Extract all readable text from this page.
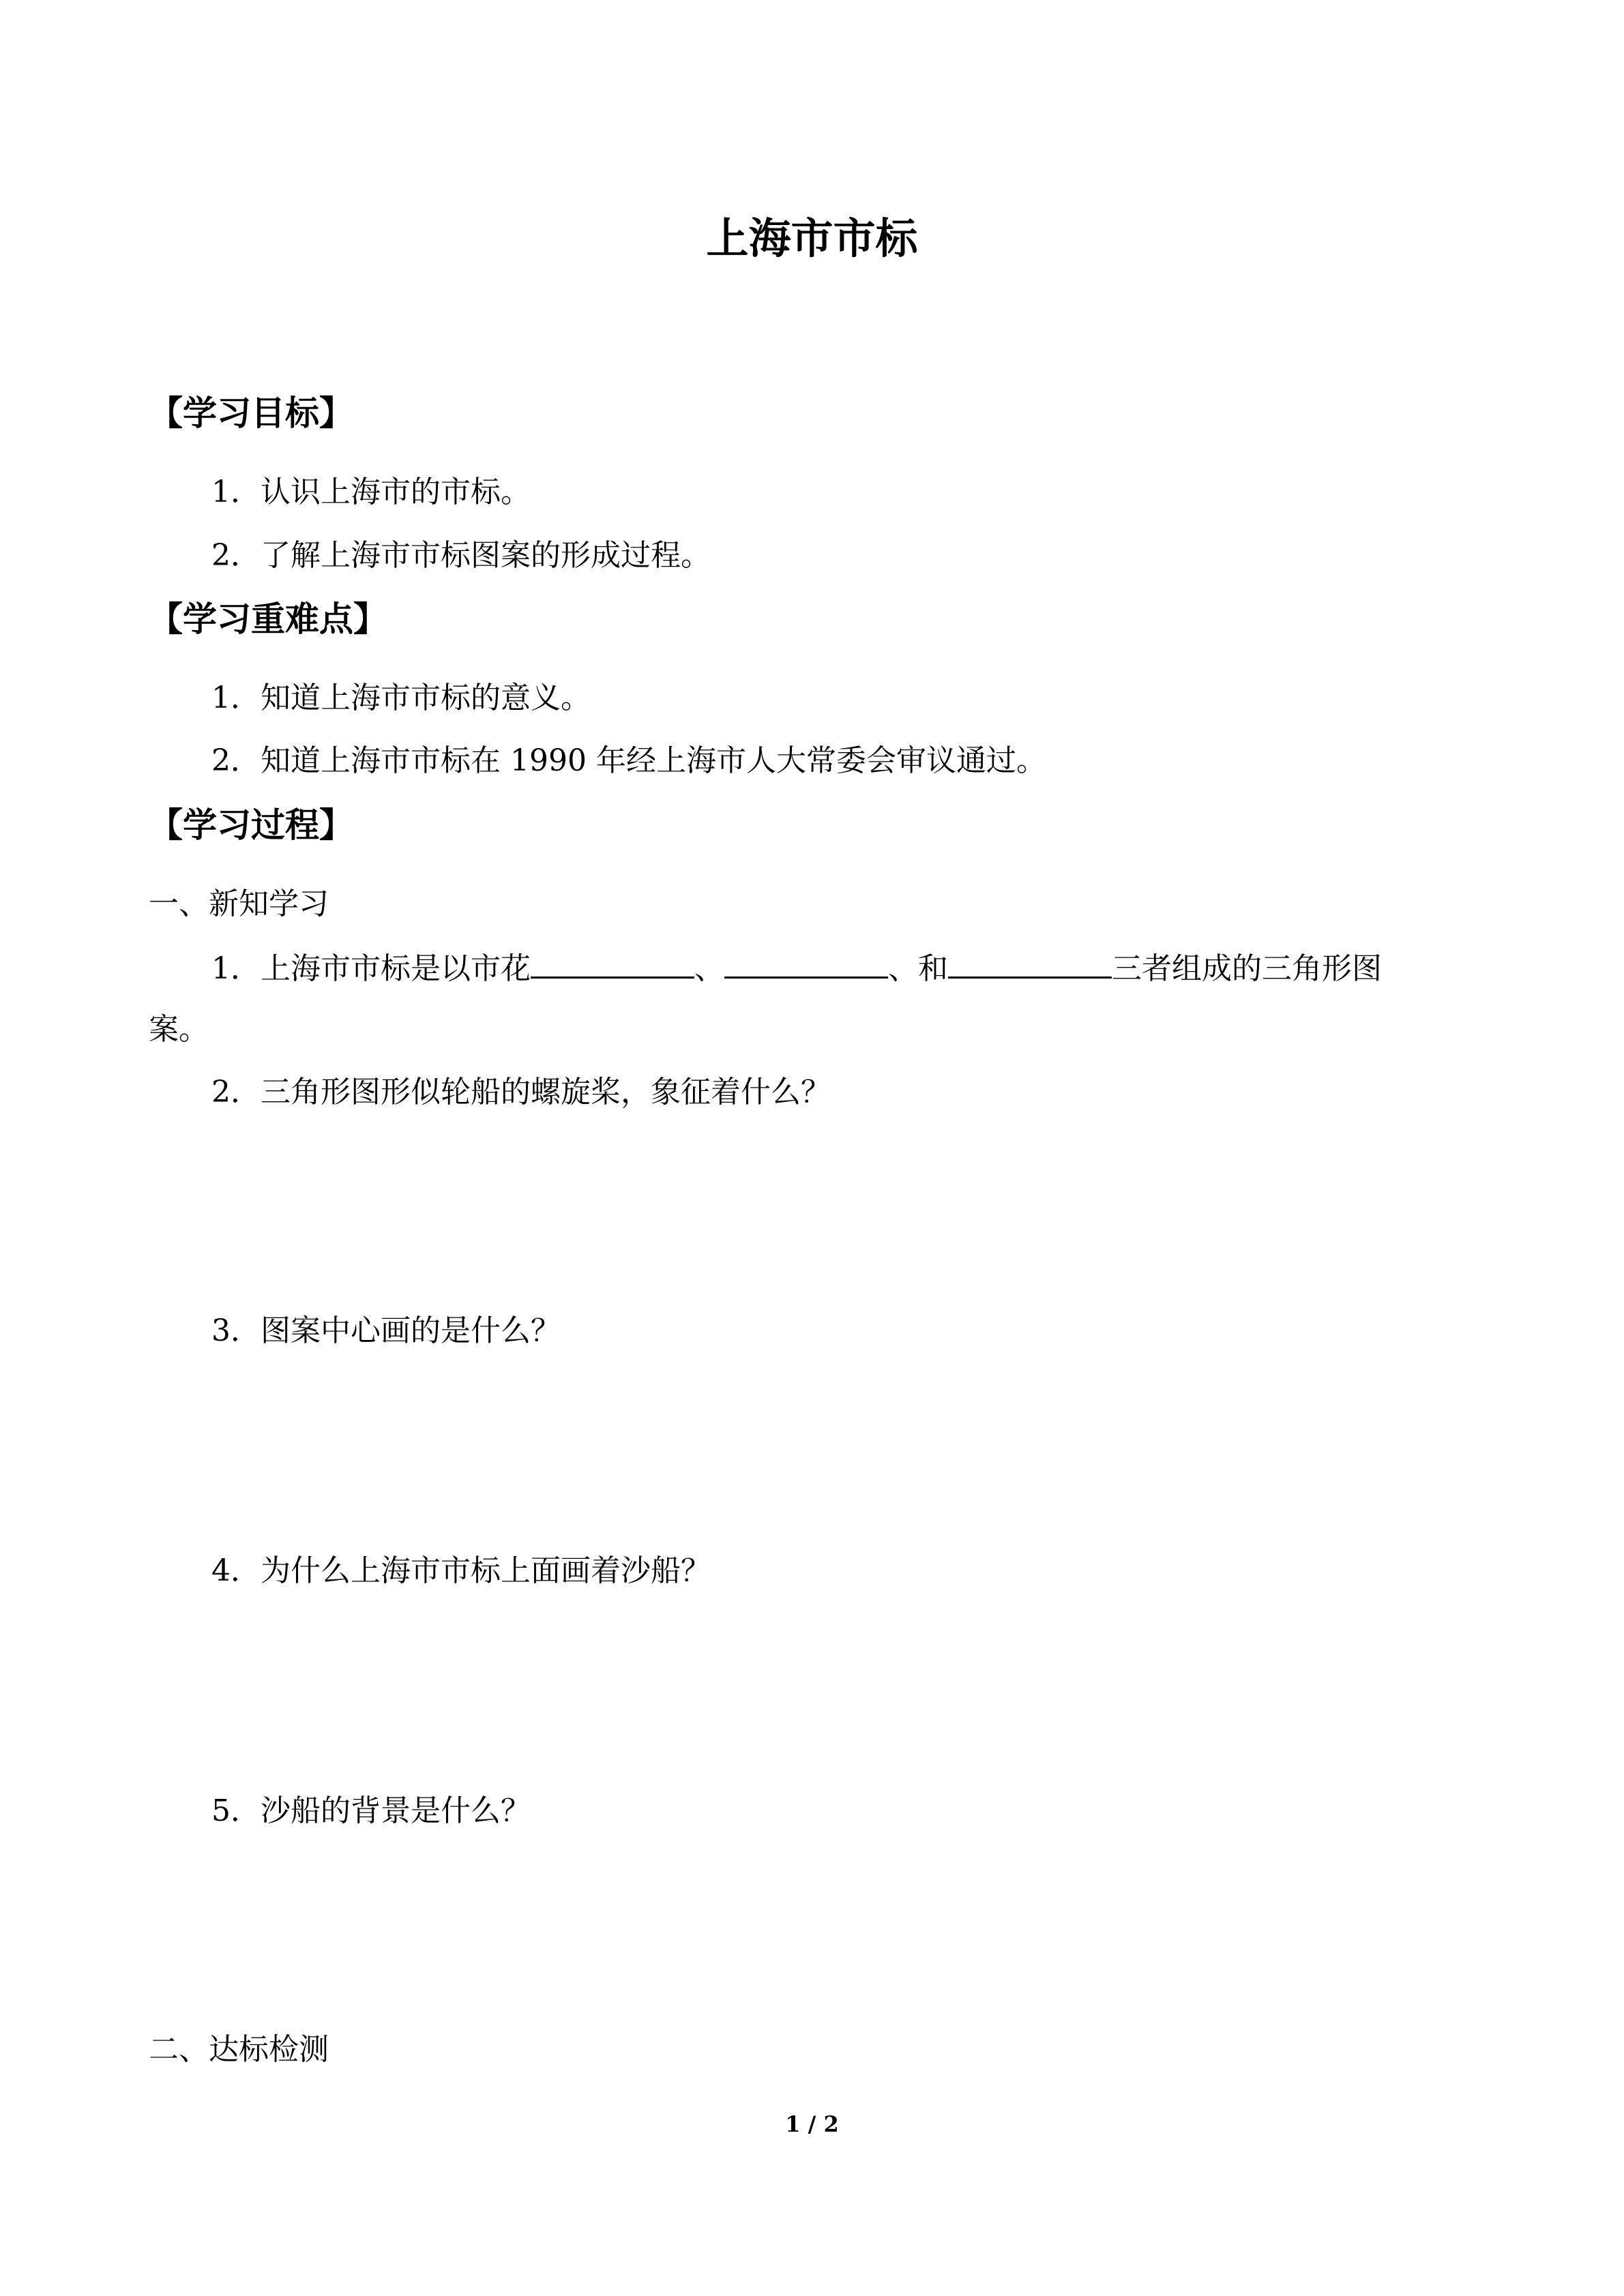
上海市市标
【学习目标】
1．认识上海市的市标。
2．了解上海市市标图案的形成过程。
【学习重难点】
1．知道上海市市标的意义。
2．知道上海市市标在 1990 年经上海市人大常委会审议通过。
【学习过程】
一、新知学习
1．上海市市标是以市花	、	、和	三者组成的三角形图
案。
2．三角形图形似轮船的螺旋桨，象征着什么？
3．图案中心画的是什么？
4．为什么上海市市标上面画着沙船？
5．沙船的背景是什么？
二、达标检测
1 / 2
